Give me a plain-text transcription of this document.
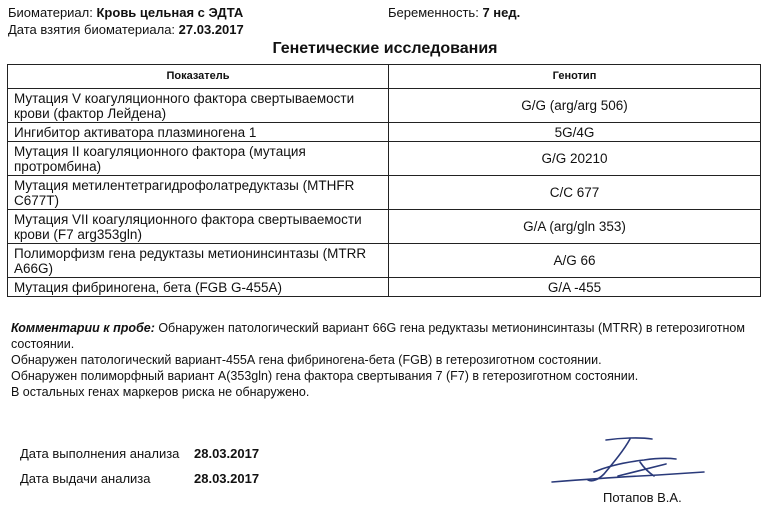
Биоматериал: Кровь цельная с ЭДТА	Беременность: 7 нед.
Дата взятия биоматериала: 27.03.2017
Генетические исследования
Показатель	Генотип
Мутация V коагуляционного фактора свертываемости крови (фактор Лейдена)	G/G (arg/arg 506)
Ингибитор активатора плазминогена 1	5G/4G
Мутация II коагуляционного фактора (мутация протромбина)	G/G 20210
Мутация метилентетрагидрофолатредуктазы (MTHFR C677T)	C/C 677
Мутация VII коагуляционного фактора свертываемости крови (F7 arg353gln)	G/A (arg/gln 353)
Полиморфизм гена редуктазы метионинсинтазы (MTRR A66G)	A/G 66
Мутация фибриногена, бета (FGB G-455A)	G/A -455

Комментарии к пробе: Обнаружен патологический вариант 66G гена редуктазы метионинсинтазы (MTRR) в гетерозиготном состоянии.

Обнаружен патологический вариант-455А гена фибриногена-бета (FGB) в гетерозиготном состоянии.

Обнаружен полиморфный вариант A(353gln) гена фактора свертывания 7 (F7) в гетерозиготном состоянии.

В остальных генах маркеров риска не обнаружено.

Дата выполнения анализа 28.03.2017
Дата выдачи анализа	28.03.2017
Потапов В.А.
